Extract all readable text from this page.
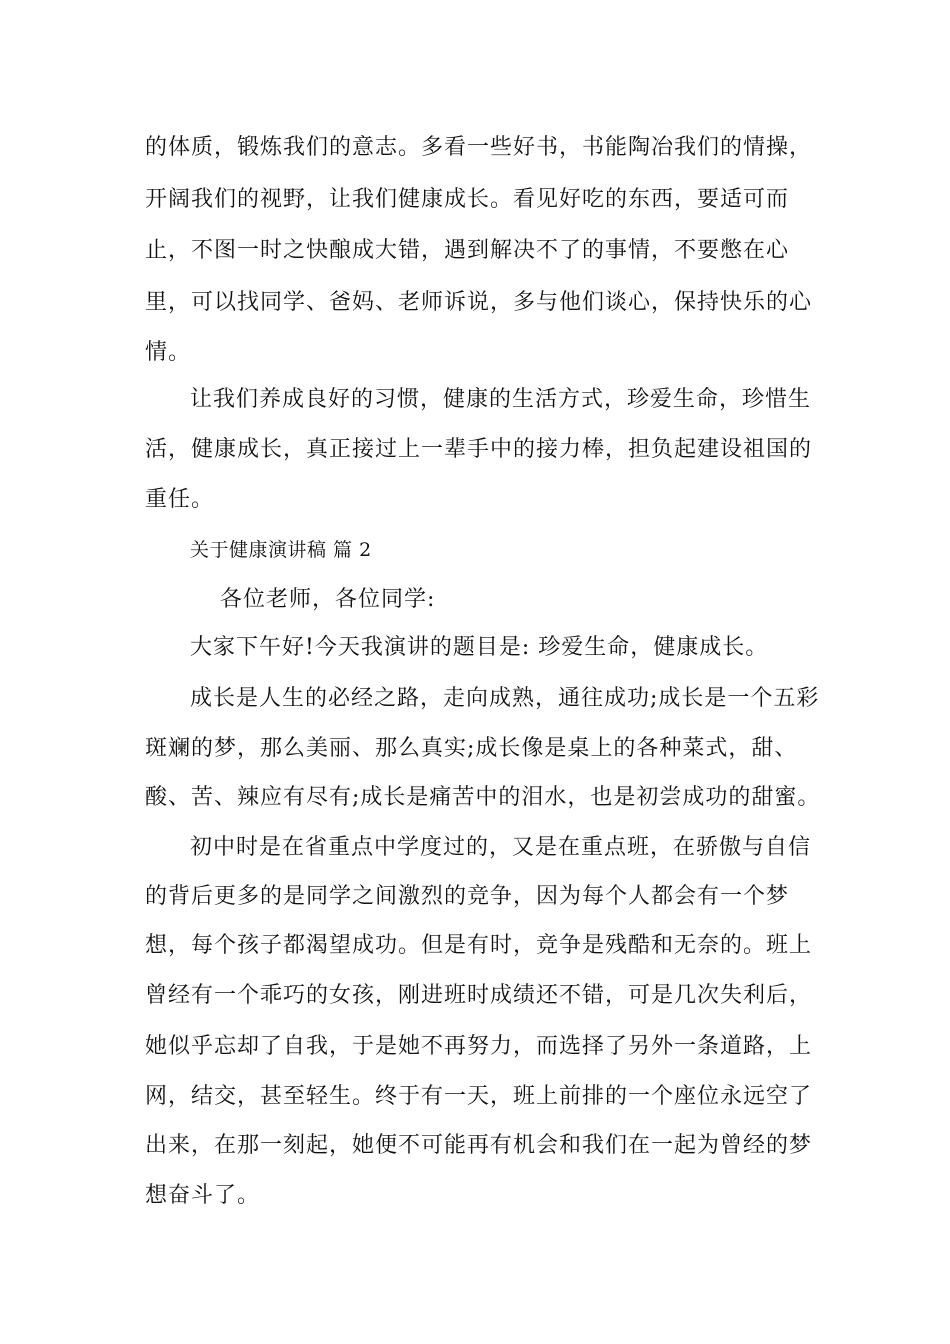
的体质，锻炼我们的意志。多看一些好书，书能陶冶我们的情操，
开阔我们的视野，让我们健康成长。看见好吃的东西，要适可而
止，不图一时之快酿成大错，遇到解决不了的事情，不要憋在心
里，可以找同学、爸妈、老师诉说，多与他们谈心，保持快乐的心
情。
让我们养成良好的习惯，健康的生活方式，珍爱生命，珍惜生
活，健康成长，真正接过上一辈手中的接力棒，担负起建设祖国的
重任。
关于健康演讲稿 篇 2
各位老师，各位同学:
大家下午好!今天我演讲的题目是: 珍爱生命，健康成长。
成长是人生的必经之路，走向成熟，通往成功;成长是一个五彩
斑斓的梦，那么美丽、那么真实;成长像是桌上的各种菜式，甜、
酸、苦、辣应有尽有;成长是痛苦中的泪水，也是初尝成功的甜蜜。
初中时是在省重点中学度过的，又是在重点班，在骄傲与自信
的背后更多的是同学之间激烈的竞争，因为每个人都会有一个梦
想，每个孩子都渴望成功。但是有时，竞争是残酷和无奈的。班上
曾经有一个乖巧的女孩，刚进班时成绩还不错，可是几次失利后，
她似乎忘却了自我，于是她不再努力，而选择了另外一条道路，上
网，结交，甚至轻生。终于有一天，班上前排的一个座位永远空了
出来，在那一刻起，她便不可能再有机会和我们在一起为曾经的梦
想奋斗了。
